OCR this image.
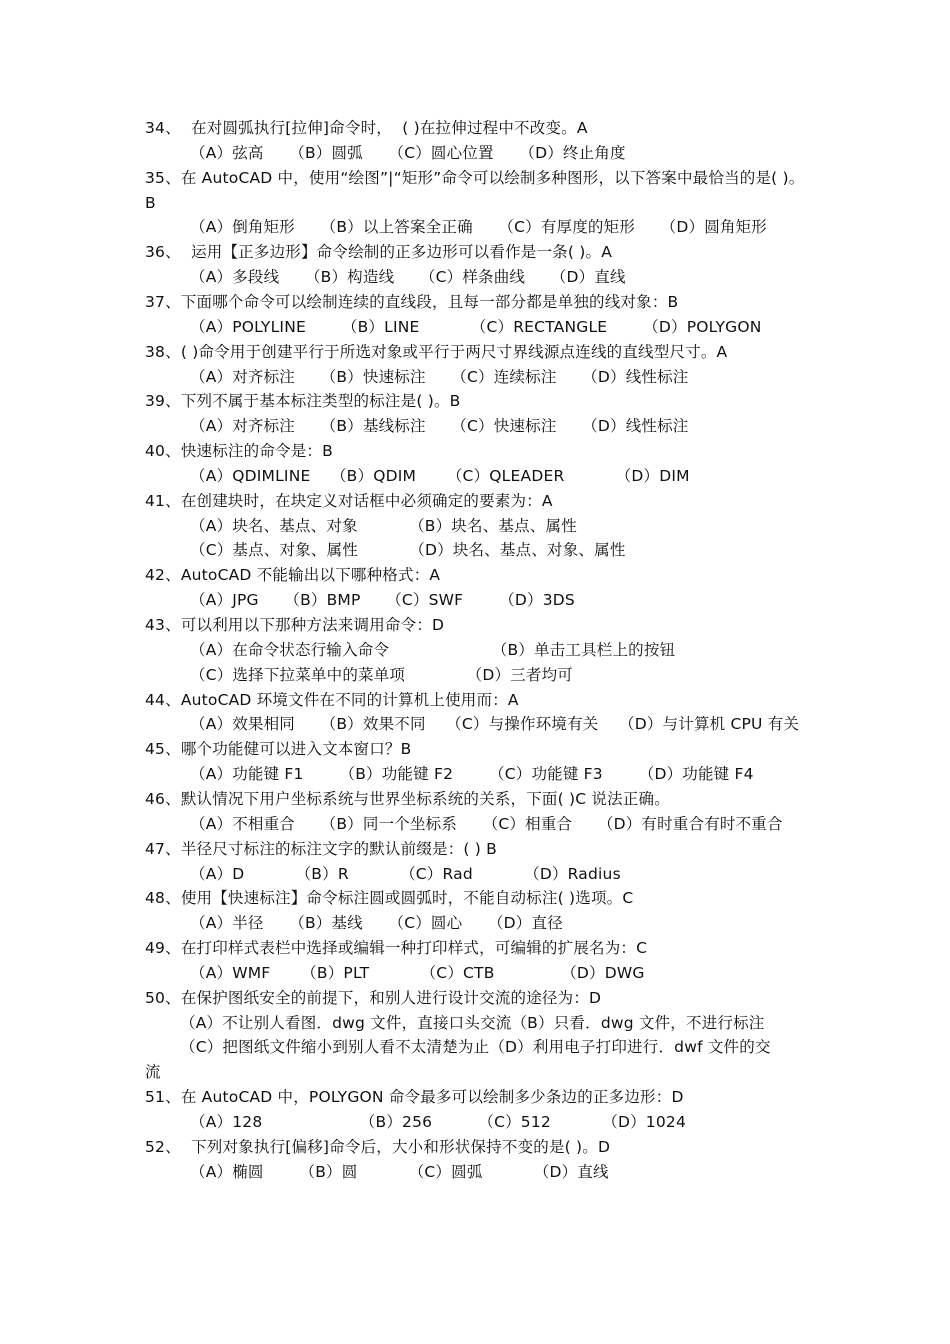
34、  在对圆弧执行[拉伸]命令时，  ( )在拉伸过程中不改变。A
（A）弦高     （B）圆弧     （C）圆心位置     （D）终止角度
35、在 AutoCAD 中，使用“绘图”|“矩形”命令可以绘制多种图形，以下答案中最恰当的是( )。
B
（A）倒角矩形     （B）以上答案全正确     （C）有厚度的矩形     （D）圆角矩形
36、  运用【正多边形】命令绘制的正多边形可以看作是一条( )。A
（A）多段线     （B）构造线     （C）样条曲线     （D）直线
37、下面哪个命令可以绘制连续的直线段，且每一部分都是单独的线对象：B
（A）POLYLINE       （B）LINE          （C）RECTANGLE       （D）POLYGON
38、( )命令用于创建平行于所选对象或平行于两尺寸界线源点连线的直线型尺寸。A
（A）对齐标注     （B）快速标注     （C）连续标注     （D）线性标注
39、下列不属于基本标注类型的标注是( )。B
（A）对齐标注     （B）基线标注     （C）快速标注     （D）线性标注
40、快速标注的命令是：B
（A）QDIMLINE    （B）QDIM      （C）QLEADER          （D）DIM
41、在创建块时，在块定义对话框中必须确定的要素为：A
（A）块名、基点、对象          （B）块名、基点、属性
（C）基点、对象、属性          （D）块名、基点、对象、属性
42、AutoCAD 不能输出以下哪种格式：A
（A）JPG     （B）BMP     （C）SWF       （D）3DS
43、可以利用以下那种方法来调用命令：D
（A）在命令状态行输入命令                    （B）单击工具栏上的按钮
（C）选择下拉菜单中的菜单项            （D）三者均可
44、AutoCAD 环境文件在不同的计算机上使用而：A
（A）效果相同     （B）效果不同    （C）与操作环境有关    （D）与计算机 CPU 有关
45、哪个功能健可以进入文本窗口？B
（A）功能键 F1       （B）功能键 F2       （C）功能键 F3       （D）功能键 F4
46、默认情况下用户坐标系统与世界坐标系统的关系，下面( )C 说法正确。
（A）不相重合     （B）同一个坐标系     （C）相重合     （D）有时重合有时不重合
47、半径尺寸标注的标注文字的默认前缀是：( ) B
（A）D          （B）R          （C）Rad          （D）Radius
48、使用【快速标注】命令标注圆或圆弧时，不能自动标注( )选项。C
（A）半径     （B）基线     （C）圆心     （D）直径
49、在打印样式表栏中选择或编辑一种打印样式，可编辑的扩展名为：C
（A）WMF      （B）PLT          （C）CTB             （D）DWG
50、在保护图纸安全的前提下，和别人进行设计交流的途径为：D
（A）不让别人看图．dwg 文件，直接口头交流（B）只看．dwg 文件，不进行标注
（C）把图纸文件缩小到别人看不太清楚为止（D）利用电子打印进行．dwf 文件的交
流
51、在 AutoCAD 中，POLYGON 命令最多可以绘制多少条边的正多边形：D
（A）128                   （B）256         （C）512          （D）1024
52、  下列对象执行[偏移]命令后，大小和形状保持不变的是( )。D
（A）椭圆       （B）圆          （C）圆弧          （D）直线
